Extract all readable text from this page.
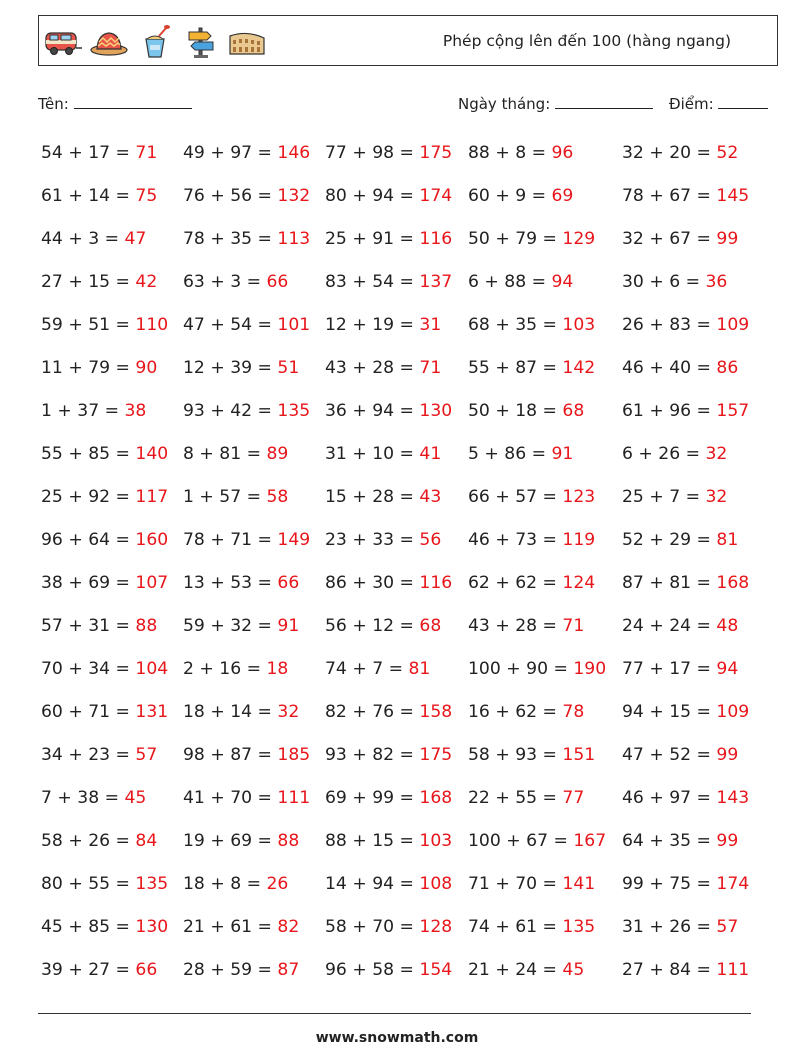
Phép cộng lên đến 100 (hàng ngang)
Tên:	Ngày tháng:	Điểm:
54 + 17 = 71 49 + 97 = 146 77 + 98 = 175 88 + 8 = 96	32 + 20 = 52
61 + 14 = 75 76 + 56 = 132 80 + 94 = 174 60 + 9 = 69	78 + 67 = 145
44 + 3 = 47 78 + 35 = 113 25 + 91 = 116 50 + 79 = 129 32 + 67 = 99
27 + 15 = 42 63 + 3 = 66 83 + 54 = 137 6 + 88 = 94	30 + 6 = 36
59 + 51 = 110 47 + 54 = 101 12 + 19 = 31 68 + 35 = 103 26 + 83 = 109
11 + 79 = 90 12 + 39 = 51 43 + 28 = 71 55 + 87 = 142 46 + 40 = 86
1 + 37 = 38 93 + 42 = 135 36 + 94 = 130 50 + 18 = 68 61 + 96 = 157
55 + 85 = 140 8 + 81 = 89 31 + 10 = 41 5 + 86 = 91	6 + 26 = 32
25 + 92 = 117 1 + 57 = 58 15 + 28 = 43 66 + 57 = 123 25 + 7 = 32
96 + 64 = 160 78 + 71 = 149 23 + 33 = 56 46 + 73 = 119 52 + 29 = 81
38 + 69 = 107 13 + 53 = 66 86 + 30 = 116 62 + 62 = 124 87 + 81 = 168
57 + 31 = 88 59 + 32 = 91 56 + 12 = 68 43 + 28 = 71 24 + 24 = 48
70 + 34 = 104 2 + 16 = 18 74 + 7 = 81 100 + 90 = 190 77 + 17 = 94
60 + 71 = 131 18 + 14 = 32 82 + 76 = 158 16 + 62 = 78 94 + 15 = 109
34 + 23 = 57 98 + 87 = 185 93 + 82 = 175 58 + 93 = 151 47 + 52 = 99
7 + 38 = 45 41 + 70 = 111 69 + 99 = 168 22 + 55 = 77 46 + 97 = 143
58 + 26 = 84 19 + 69 = 88 88 + 15 = 103 100 + 67 = 167 64 + 35 = 99
80 + 55 = 135 18 + 8 = 26 14 + 94 = 108 71 + 70 = 141 99 + 75 = 174
45 + 85 = 130 21 + 61 = 82 58 + 70 = 128 74 + 61 = 135 31 + 26 = 57
39 + 27 = 66 28 + 59 = 87 96 + 58 = 154 21 + 24 = 45 27 + 84 = 111
www.snowmath.com
